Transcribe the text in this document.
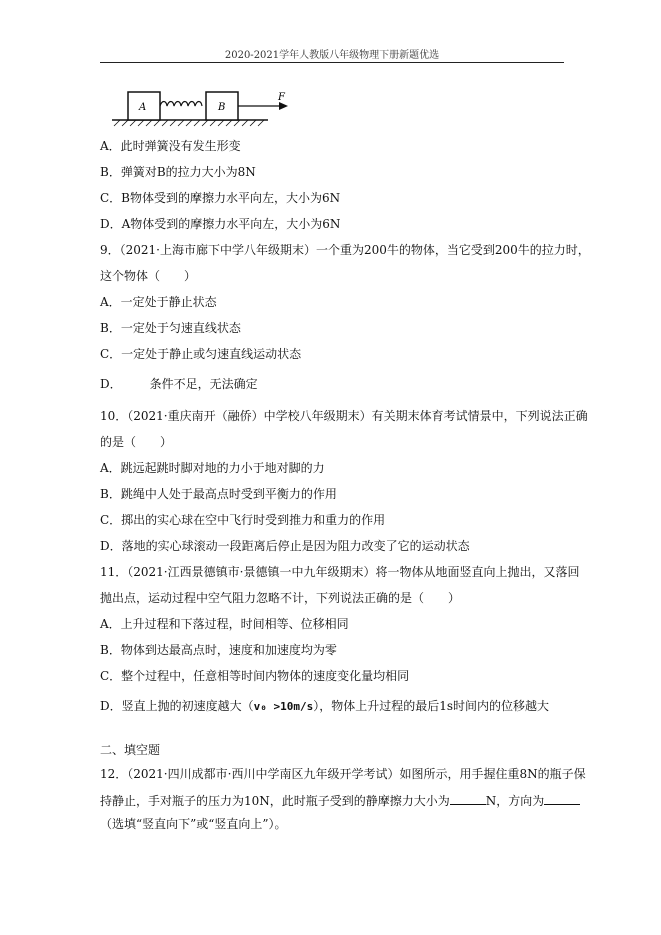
2020-2021学年人教版八年级物理下册新题优选
A	B
F
A．此时弹簧没有发生形变
B．弹簧对B的拉力大小为8N
C．B物体受到的摩擦力水平向左，大小为6N
D．A物体受到的摩擦力水平向左，大小为6N
9．（2021·上海市廊下中学八年级期末）一个重为200牛的物体，当它受到200牛的拉力时，
这个物体（　　）
A．一定处于静止状态
B．一定处于匀速直线状态
C．一定处于静止或匀速直线运动状态
D． 条件不足，无法确定
10．（2021·重庆南开（融侨）中学校八年级期末）有关期末体育考试情景中，下列说法正确
的是（　　）
A．跳远起跳时脚对地的力小于地对脚的力
B．跳绳中人处于最高点时受到平衡力的作用
C．掷出的实心球在空中飞行时受到推力和重力的作用
D．落地的实心球滚动一段距离后停止是因为阻力改变了它的运动状态
11．（2021·江西景德镇市·景德镇一中九年级期末）将一物体从地面竖直向上抛出，又落回
抛出点，运动过程中空气阻力忽略不计，下列说法正确的是（　　）
A．上升过程和下落过程，时间相等、位移相同
B．物体到达最高点时，速度和加速度均为零
C．整个过程中，任意相等时间内物体的速度变化量均相同
D．竖直上抛的初速度越大（v₀ >10m/s），物体上升过程的最后1s时间内的位移越大
二、填空题
12．（2021·四川成都市·西川中学南区九年级开学考试）如图所示，用手握住重8N的瓶子保
持静止，手对瓶子的压力为10N，此时瓶子受到的静摩擦力大小为	N，方向为
（选填“竖直向下”或“竖直向上”）。
